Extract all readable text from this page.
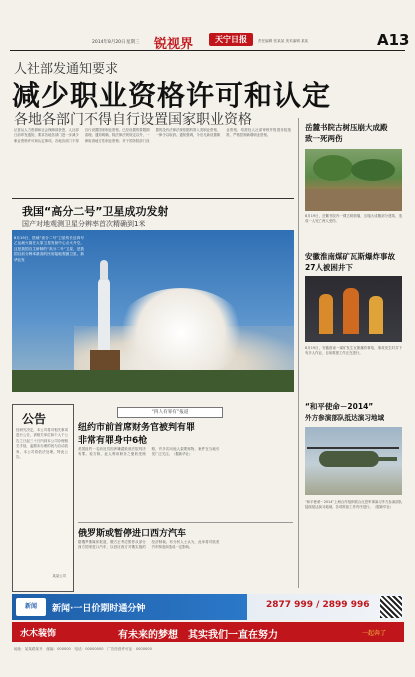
2014年8月20日 星期三 锐视界	天宁日报	责任编辑 张某某 美术编辑 某某	A13
人社部发通知要求
减少职业资格许可和认定
各地各部门不得自行设置国家职业资格
记者从人力资源和社会保障部获悉，人社部日前印发通知，要求各地各部门进一步减少职业资格许可和认定事项，各地各部门不得自行设置国家职业资格，已经设置的要限期清理。通知明确，除法律法规规定以外，一律取消地方性职业资格；对于国务院部门设置的没有法律法规依据的准入类职业资格，一律予以取消。通知强调，今后凡新设置职业资格，均需经人社部审核并报国务院批准，严格控制新增职业资格。
岳麓书院古树压崩大成殿
致一死两伤
8月19日，岳麓书院内一棵古树倒塌，压塌大成殿部分建筑，造成一人死亡两人受伤。
安徽淮南煤矿瓦斯爆炸事故
27人被困井下
8月19日，安徽淮南一煤矿发生瓦斯爆炸事故，事故发生时井下有多人作业，目前救援工作正在进行。
“和平使命－2014”
外方参演部队抵达演习地域
“和平使命－2014”上海合作组织联合反恐军事演习外方参演部队陆续抵达演习地域，各项准备工作有序进行。（据新华社）
我国“高分二号”卫星成功发射
国产对地观测卫星分辨率首次精确到1米
8月19日，搭载“高分二号”卫星的长征四号乙运载火箭在太原卫星发射中心点火升空。这是我国自主研制的“高分二号”卫星，是我国目前分辨率最高的民用陆地观测卫星。新华社发
公告
经研究决定，本公司将对相关事项进行公告，请相关单位和个人于公告之日起三十日内到本公司办理相关手续，逾期未办理的视为自动放弃，本公司将依法处理。特此公告。
某某公司
“四人有罪有”报道
纽约市前首席财务官被判有罪
非常有罪身中6枪
美国纽约一名前官员因涉嫌腐败被法院判决有罪。检方称，此人利用职务之便收受贿赂，并多次向他人索要财物，案件在当地引发广泛关注。（据新华社）
俄罗斯或暂停进口西方汽车
据俄罗斯媒体报道，俄方正考虑暂停从部分西方国家进口汽车，以回应西方对俄实施的经济制裁。有分析人士认为，此举将对欧美汽车制造商造成一定影响。
新闻	新闻·一日价期时通分钟	2877 999 / 2899 996
水木装饰	有未来的梦想　其实我们一直在努力	一起奔了
地址：某某路某号　邮编：000000　电话：00000000　广告经营许可证：0000000
